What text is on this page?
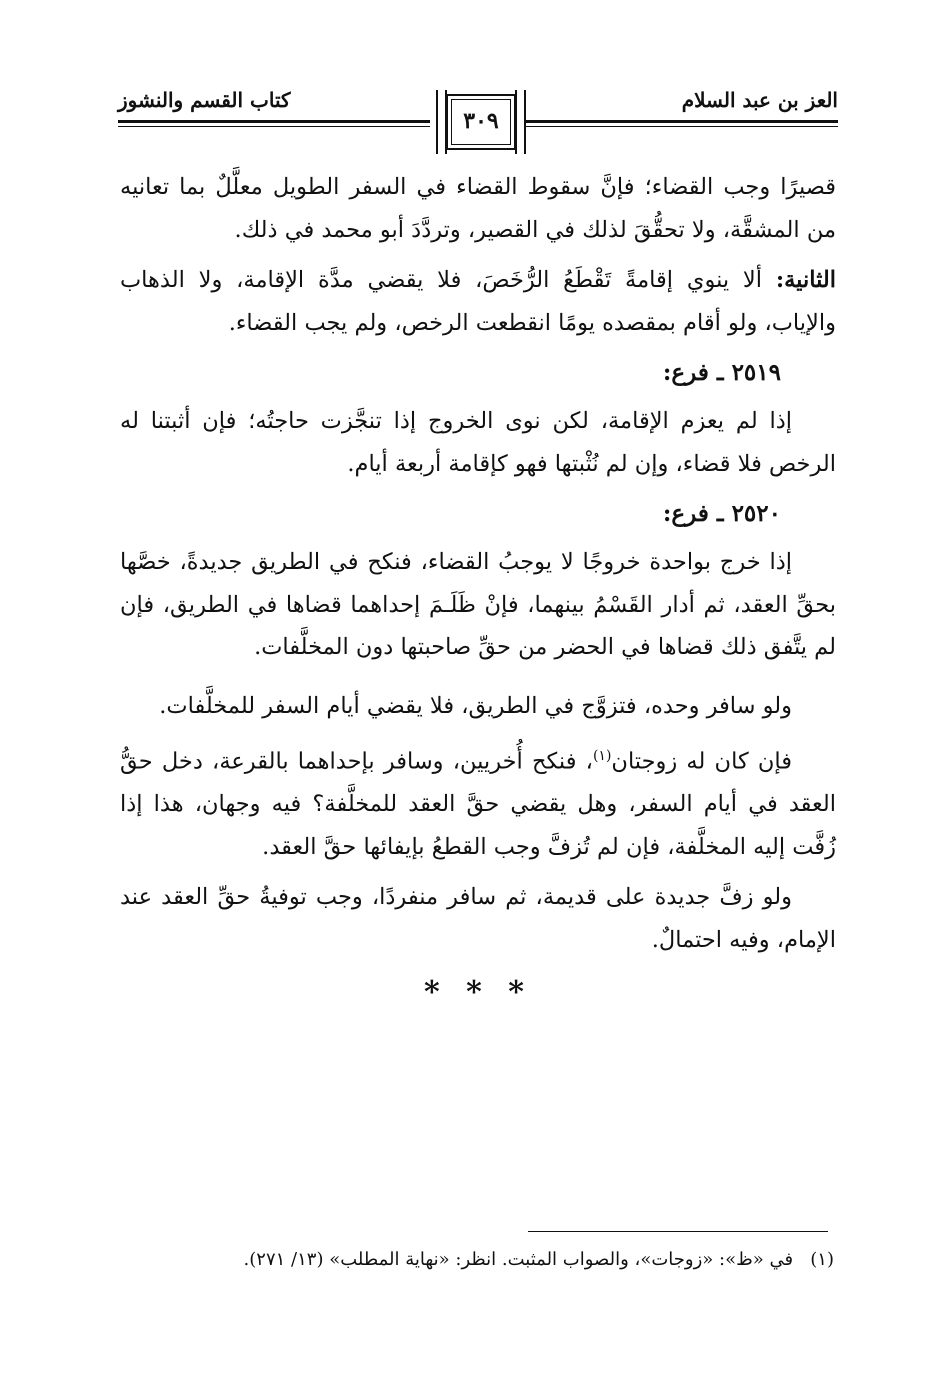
العز بن عبد السلام
كتاب القسم والنشوز
٣٠٩

قصيرًا وجب القضاء؛ فإنَّ سقوط القضاء في السفر الطويل معلَّلٌ بما تعانيه من المشقَّة، ولا تحقُّقَ لذلك في القصير، وتردَّدَ أبو محمد في ذلك.

الثانية: ألا ينوي إقامةً تَقْطَعُ الرُّخَصَ، فلا يقضي مدَّة الإقامة، ولا الذهاب والإياب، ولو أقام بمقصده يومًا انقطعت الرخص، ولم يجب القضاء.

٢٥١٩ ـ فرع:

إذا لم يعزم الإقامة، لكن نوى الخروج إذا تنجَّزت حاجتُه؛ فإن أثبتنا له الرخص فلا قضاء، وإن لم نُثْبتها فهو كإقامة أربعة أيام.

٢٥٢٠ ـ فرع:

إذا خرج بواحدة خروجًا لا يوجبُ القضاء، فنكح في الطريق جديدةً، خصَّها بحقِّ العقد، ثم أدار القَسْمُ بينهما، فإنْ ظَلَـمَ إحداهما قضاها في الطريق، فإن لم يتَّفق ذلك قضاها في الحضر من حقِّ صاحبتها دون المخلَّفات.

ولو سافر وحده، فتزوَّج في الطريق، فلا يقضي أيام السفر للمخلَّفات.

فإن كان له زوجتان$^{(١)}$، فنكح أُخريين، وسافر بإحداهما بالقرعة، دخل حقُّ العقد في أيام السفر، وهل يقضي حقَّ العقد للمخلَّفة؟ فيه وجهان، هذا إذا زُفَّت إليه المخلَّفة، فإن لم تُزفَّ وجب القطعُ بإيفائها حقَّ العقد.

ولو زفَّ جديدة على قديمة، ثم سافر منفردًا، وجب توفيةُ حقِّ العقد عند الإمام، وفيه احتمالٌ.

* * *
(١)   في «ظ»: «زوجات»، والصواب المثبت. انظر: «نهاية المطلب» (١٣/ ٢٧١).
